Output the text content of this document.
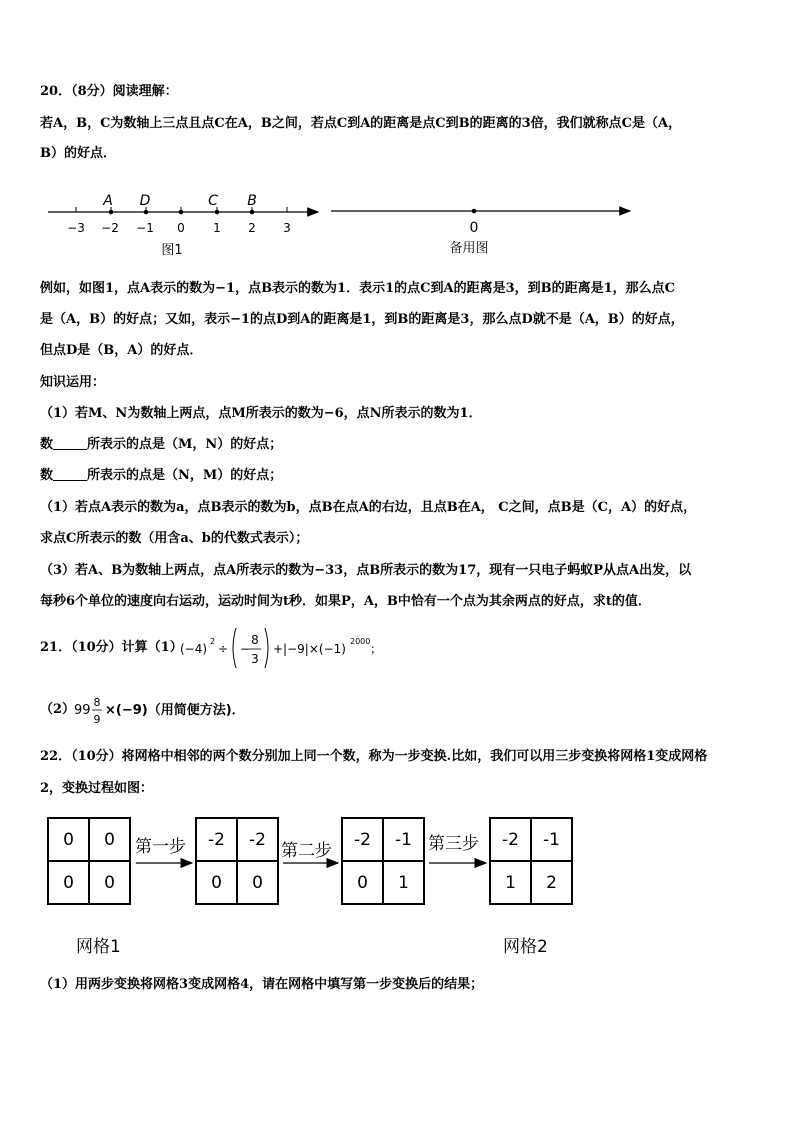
20．（8分）阅读理解：
若A，B，C为数轴上三点且点C在A，B之间，若点C到A的距离是点C到B的距离的3倍，我们就称点C是（A，
B）的好点．
A D	C B
−3 −2 −1 0 1 2 3
图1
0
备用图
例如，如图1，点A表示的数为−1，点B表示的数为1．表示1的点C到A的距离是3，到B的距离是1，那么点C
是（A，B）的好点；又如，表示−1的点D到A的距离是1，到B的距离是3，那么点D就不是（A，B）的好点，
但点D是（B，A）的好点．
知识运用：
（1）若M、N为数轴上两点，点M所表示的数为−6，点N所表示的数为1．
数	所表示的点是（M，N）的好点；
数	所表示的点是（N，M）的好点；
（1）若点A表示的数为a，点B表示的数为b，点B在点A的右边，且点B在A， C之间，点B是（C，A）的好点，
求点C所表示的数（用含a、b的代数式表示）；
（3）若A、B为数轴上两点，点A所表示的数为−33，点B所表示的数为17，现有一只电子蚂蚁P从点A出发，以
每秒6个单位的速度向右运动，运动时间为t秒．如果P，A，B中恰有一个点为其余两点的好点，求t的值．
21．（10分）计算（1）
(−4)
2
÷ −
8
3
+|−9|×(−1)
2000
；
（2）
99
8
9
×(−9)（用简便方法)．
22．（10分）将网格中相邻的两个数分别加上同一个数，称为一步变换.比如，我们可以用三步变换将网格1变成网格
2，变换过程如图：
0	0
0	0
-2	-2
0	0
-2	-1
0	1
-2	-1
1	2
第一步	第二步	第三步
网格1	网格2
（1）用两步变换将网格3变成网格4，请在网格中填写第一步变换后的结果；
